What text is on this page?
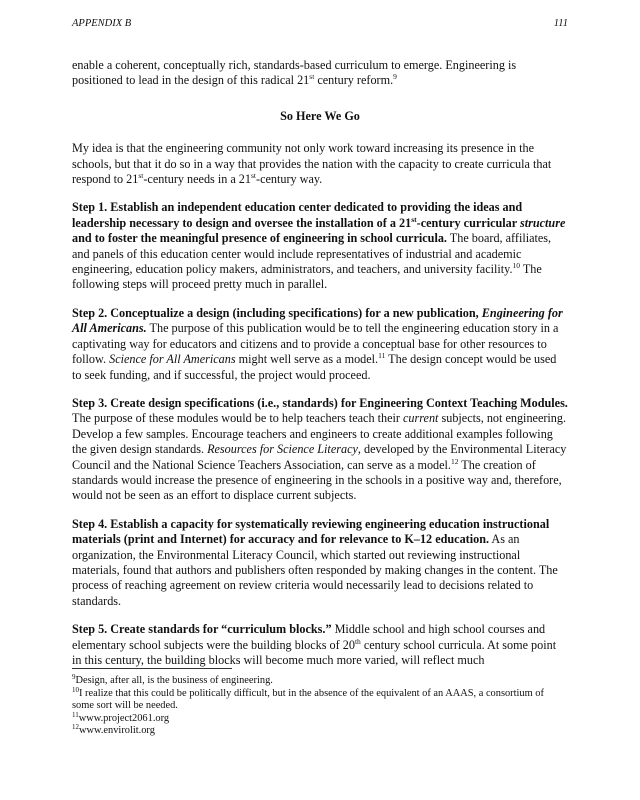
APPENDIX B	111

enable a coherent, conceptually rich, standards-based curriculum to emerge. Engineering is positioned to lead in the design of this radical 21st century reform.$^9$

So Here We Go

My idea is that the engineering community not only work toward increasing its presence in the schools, but that it do so in a way that provides the nation with the capacity to create curricula that respond to 21st-century needs in a 21st-century way.

Step 1. Establish an independent education center dedicated to providing the ideas and leadership necessary to design and oversee the installation of a 21st-century curricular structure and to foster the meaningful presence of engineering in school curricula. The board, affiliates, and panels of this education center would include representatives of industrial and academic engineering, education policy makers, administrators, and teachers, and university facility.$^{10}$ The following steps will proceed pretty much in parallel.

Step 2. Conceptualize a design (including specifications) for a new publication, Engineering for All Americans. The purpose of this publication would be to tell the engineering education story in a captivating way for educators and citizens and to provide a conceptual base for other resources to follow. Science for All Americans might well serve as a model.$^{11}$ The design concept would be used to seek funding, and if successful, the project would proceed.

Step 3. Create design specifications (i.e., standards) for Engineering Context Teaching Modules. The purpose of these modules would be to help teachers teach their current subjects, not engineering. Develop a few samples. Encourage teachers and engineers to create additional examples following the given design standards. Resources for Science Literacy, developed by the Environmental Literacy Council and the National Science Teachers Association, can serve as a model.$^{12}$ The creation of standards would increase the presence of engineering in the schools in a positive way and, therefore, would not be seen as an effort to displace current subjects.

Step 4. Establish a capacity for systematically reviewing engineering education instructional materials (print and Internet) for accuracy and for relevance to K–12 education. As an organization, the Environmental Literacy Council, which started out reviewing instructional materials, found that authors and publishers often responded by making changes in the content. The process of reaching agreement on review criteria would necessarily lead to decisions related to standards.

Step 5. Create standards for “curriculum blocks.” Middle school and high school courses and elementary school subjects were the building blocks of 20th century school curricula. At some point in this century, the building blocks will become much more varied, will reflect much

$^9$Design, after all, is the business of engineering.
$^{10}$I realize that this could be politically difficult, but in the absence of the equivalent of an AAAS, a consortium of some sort will be needed.
$^{11}$www.project2061.org
$^{12}$www.envirolit.org
